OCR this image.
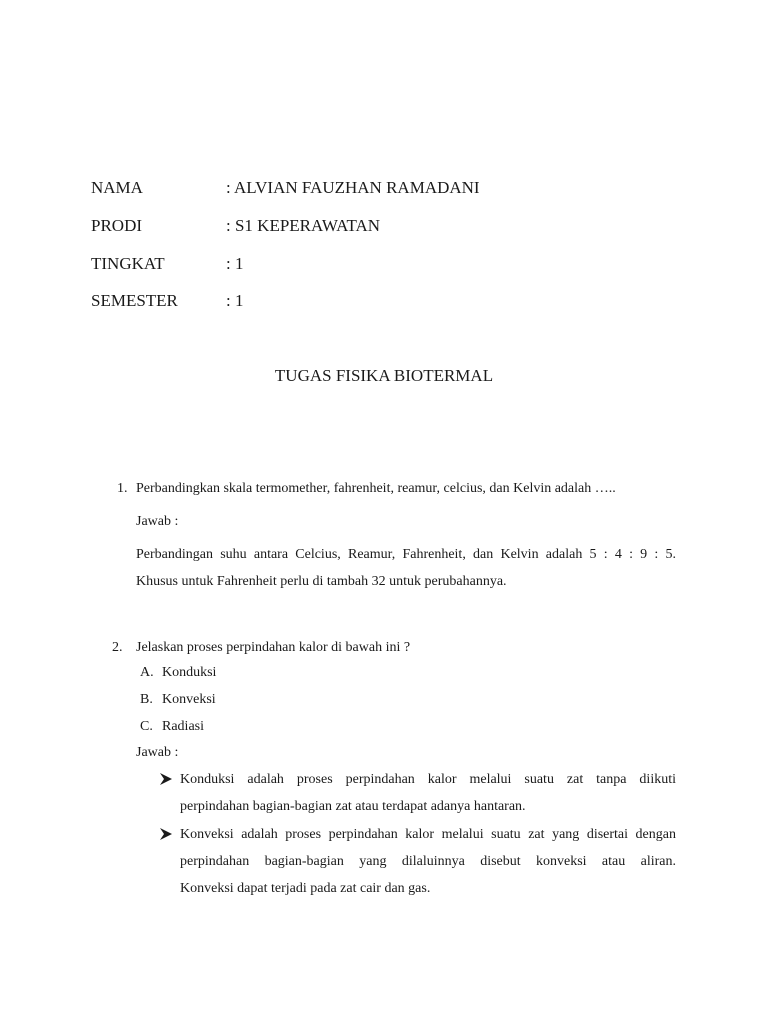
NAMA	: ALVIAN FAUZHAN RAMADANI
PRODI	: S1 KEPERAWATAN
TINGKAT	: 1
SEMESTER	: 1
TUGAS FISIKA BIOTERMAL
1. Perbandingkan skala termomether, fahrenheit, reamur, celcius, dan Kelvin adalah …..
Jawab :
Perbandingan suhu antara Celcius, Reamur, Fahrenheit, dan Kelvin adalah 5 : 4 : 9 : 5.
Khusus untuk Fahrenheit perlu di tambah 32 untuk perubahannya.
2. Jelaskan proses perpindahan kalor di bawah ini ?
A. Konduksi
B. Konveksi
C. Radiasi
Jawab :
Konduksi adalah proses perpindahan kalor melalui suatu zat tanpa diikuti
perpindahan bagian-bagian zat atau terdapat adanya hantaran.
Konveksi adalah proses perpindahan kalor melalui suatu zat yang disertai dengan
perpindahan bagian-bagian yang dilaluinnya disebut konveksi atau aliran.
Konveksi dapat terjadi pada zat cair dan gas.
